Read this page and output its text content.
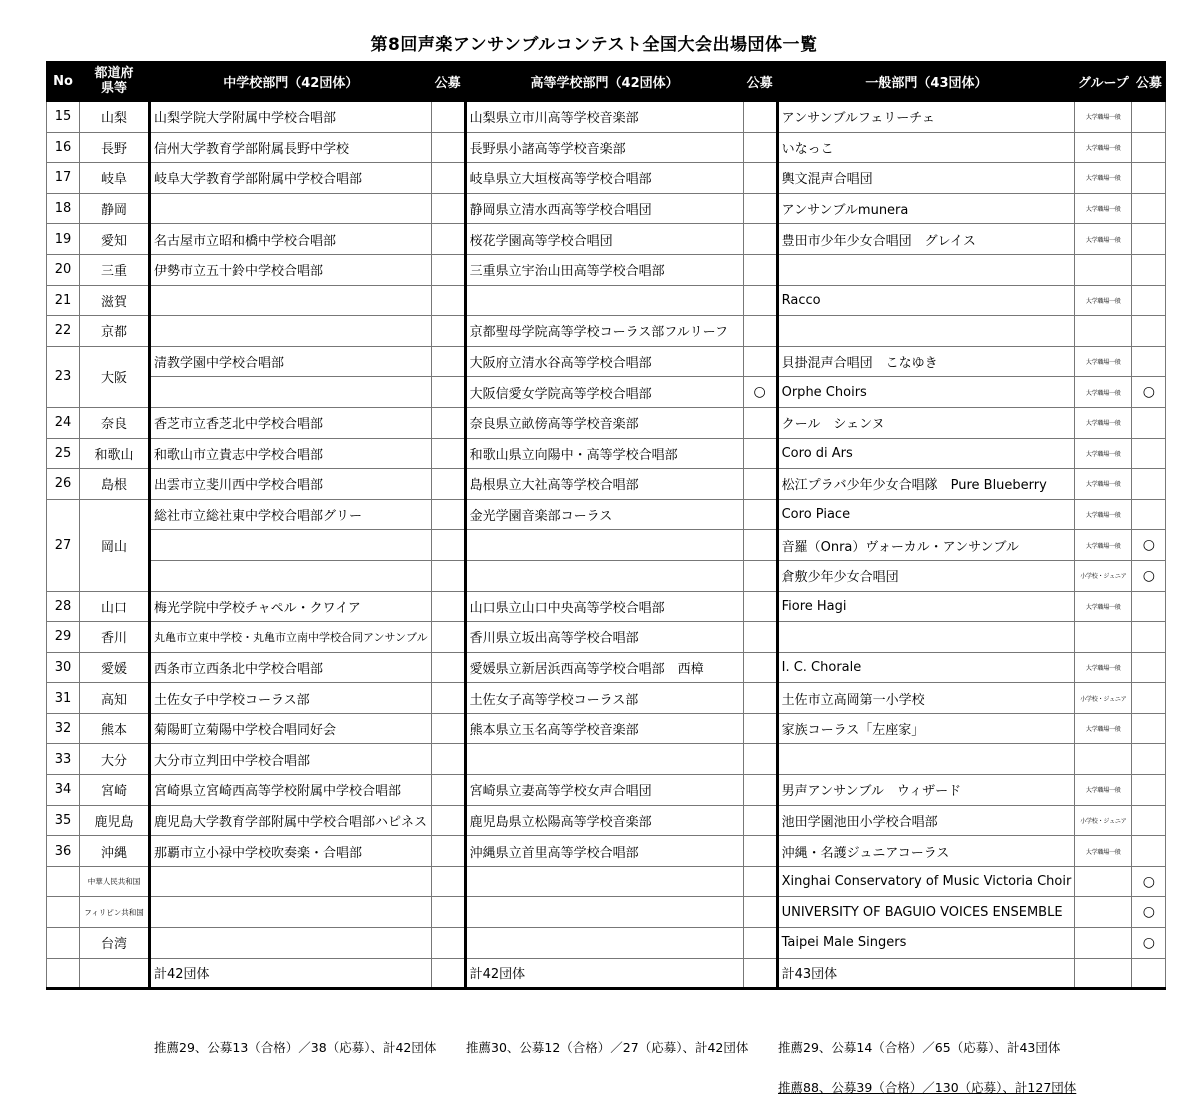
第8回声楽アンサンブルコンテスト全国大会出場団体一覧
No	都道府県等	中学校部門（42団体）	公募	高等学校部門（42団体）	公募	一般部門（43団体）	グループ	公募
15	山梨	山梨学院大学附属中学校合唱部		山梨県立市川高等学校音楽部		アンサンブルフェリーチェ	大学職場一般	
16	長野	信州大学教育学部附属長野中学校		長野県小諸高等学校音楽部		いなっこ	大学職場一般	
17	岐阜	岐阜大学教育学部附属中学校合唱部		岐阜県立大垣桜高等学校合唱部		輿文混声合唱団	大学職場一般	
18	静岡			静岡県立清水西高等学校合唱団		アンサンブルmunera	大学職場一般	
19	愛知	名古屋市立昭和橋中学校合唱部		桜花学園高等学校合唱団		豊田市少年少女合唱団　グレイス	大学職場一般	
20	三重	伊勢市立五十鈴中学校合唱部		三重県立宇治山田高等学校合唱部				
21	滋賀					Racco	大学職場一般	
22	京都			京都聖母学院高等学校コーラス部フルリーフ				
23	大阪	清教学園中学校合唱部		大阪府立清水谷高等学校合唱部		貝掛混声合唱団　こなゆき	大学職場一般	
				大阪信愛女学院高等学校合唱部	○	Orphe Choirs	大学職場一般	○
24	奈良	香芝市立香芝北中学校合唱部		奈良県立畝傍高等学校音楽部		クール　シェンヌ	大学職場一般	
25	和歌山	和歌山市立貴志中学校合唱部		和歌山県立向陽中・高等学校合唱部		Coro di Ars	大学職場一般	
26	島根	出雲市立斐川西中学校合唱部		島根県立大社高等学校合唱部		松江プラバ少年少女合唱隊　Pure Blueberry	大学職場一般	
27	岡山	総社市立総社東中学校合唱部グリー		金光学園音楽部コーラス		Coro Piace	大学職場一般	
						音羅（Onra）ヴォーカル・アンサンブル	大学職場一般	○
						倉敷少年少女合唱団	小学校・ジュニア	○
28	山口	梅光学院中学校チャペル・クワイア		山口県立山口中央高等学校合唱部		Fiore Hagi	大学職場一般	
29	香川	丸亀市立東中学校・丸亀市立南中学校合同アンサンブル		香川県立坂出高等学校合唱部				
30	愛媛	西条市立西条北中学校合唱部		愛媛県立新居浜西高等学校合唱部　西樟		I. C. Chorale	大学職場一般	
31	高知	土佐女子中学校コーラス部		土佐女子高等学校コーラス部		土佐市立高岡第一小学校	小学校・ジュニア	
32	熊本	菊陽町立菊陽中学校合唱同好会		熊本県立玉名高等学校音楽部		家族コーラス「左座家」	大学職場一般	
33	大分	大分市立判田中学校合唱部						
34	宮崎	宮崎県立宮崎西高等学校附属中学校合唱部		宮崎県立妻高等学校女声合唱団		男声アンサンブル　ウィザード	大学職場一般	
35	鹿児島	鹿児島大学教育学部附属中学校合唱部ハピネス		鹿児島県立松陽高等学校音楽部		池田学園池田小学校合唱部	小学校・ジュニア	
36	沖縄	那覇市立小禄中学校吹奏楽・合唱部		沖縄県立首里高等学校合唱部		沖縄・名護ジュニアコーラス	大学職場一般	
	中華人民共和国					Xinghai Conservatory of Music Victoria Choir		○
	フィリピン共和国					UNIVERSITY OF BAGUIO VOICES ENSEMBLE		○
	台湾					Taipei Male Singers		○
		計42団体		計42団体		計43団体		
推薦29、公募13（合格）／38（応募）、計42団体 推薦30、公募12（合格）／27（応募）、計42団体 推薦29、公募14（合格）／65（応募）、計43団体
推薦88、公募39（合格）／130（応募）、計127団体
